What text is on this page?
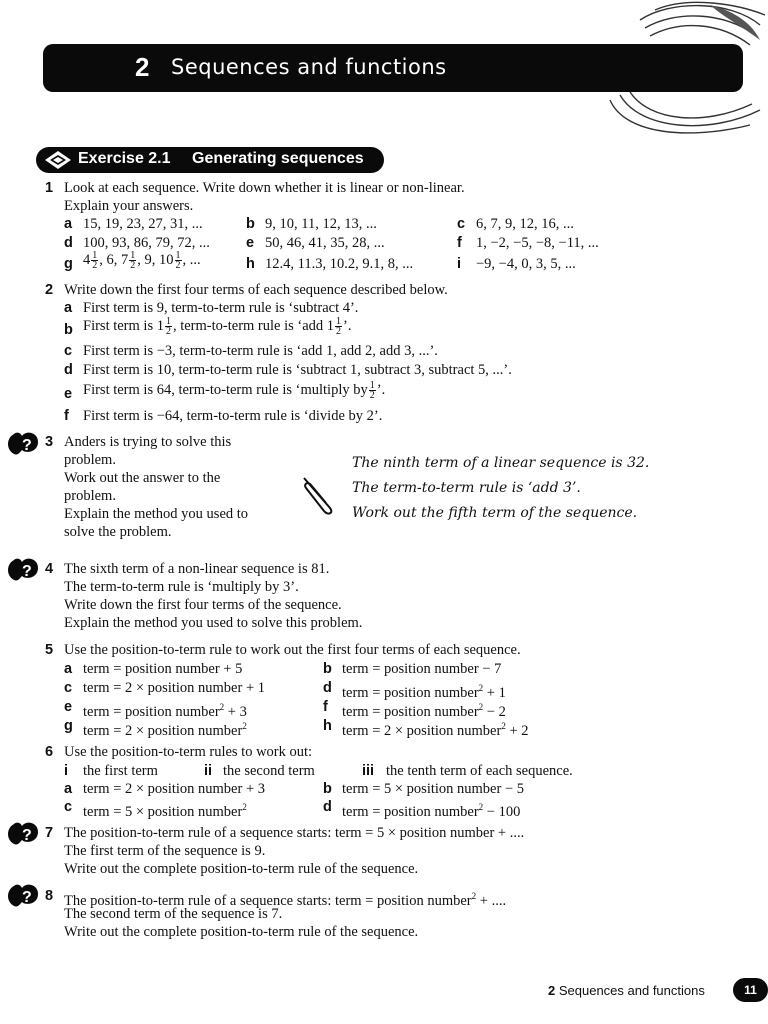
2 Sequences and functions
Exercise 2.1 Generating sequences
1 Look at each sequence. Write down whether it is linear or non-linear.
Explain your answers.
a 15, 19, 23, 27, 31, ...	b 9, 10, 11, 12, 13, ...	c 6, 7, 9, 12, 16, ...
d 100, 93, 86, 79, 72, ... e 50, 46, 41, 35, 28, ...	f 1, −2, −5, −8, −11, ...
g $4 \frac{1}{2}$ , 6, $7 \frac{1}{2}$ , 9, $10 \frac{1}{2}$ , ...	h 12.4, 11.3, 10.2, 9.1, 8, ...	i −9, −4, 0, 3, 5, ...
2 Write down the first four terms of each sequence described below.
a First term is 9, term-to-term rule is ‘subtract 4’.
b First term is $1 \frac{1}{2}$ , term-to-term rule is ‘add $1 \frac{1}{2}$ ’.
c First term is −3, term-to-term rule is ‘add 1, add 2, add 3, ...’.
d First term is 10, term-to-term rule is ‘subtract 1, subtract 3, subtract 5, ...’.
e First term is 64, term-to-term rule is ‘multiply by $\frac{1}{2}$ ’.
f First term is −64, term-to-term rule is ‘divide by 2’.
? 3 Anders is trying to solve this
problem.
Work out the answer to the
problem.
Explain the method you used to
solve the problem.
The ninth term of a linear sequence is 32.
The term-to-term rule is ‘add 3’.
Work out the fifth term of the sequence.
? 4 The sixth term of a non-linear sequence is 81.
The term-to-term rule is ‘multiply by 3’.
Write down the first four terms of the sequence.
Explain the method you used to solve this problem.
5 Use the position-to-term rule to work out the first four terms of each sequence.
a term = position number + 5	b term = position number − 7
c term = 2 × position number + 1	d term = position number$^2$ + 1
e term = position number$^2$ + 3	f term = position number$^2$ − 2
g term = 2 × position number$^2$	h term = 2 × position number$^2$ + 2
6 Use the position-to-term rules to work out:
i the first term	ii the second term	iii the tenth term of each sequence.
a term = 2 × position number + 3	b term = 5 × position number − 5
c term = 5 × position number$^2$	d term = position number$^2$ − 100
? 7 The position-to-term rule of a sequence starts: term = 5 × position number + ....
The first term of the sequence is 9.
Write out the complete position-to-term rule of the sequence.
? 8 The position-to-term rule of a sequence starts: term = position number$^2$ + ....
The second term of the sequence is 7.
Write out the complete position-to-term rule of the sequence.
2 Sequences and functions	11
